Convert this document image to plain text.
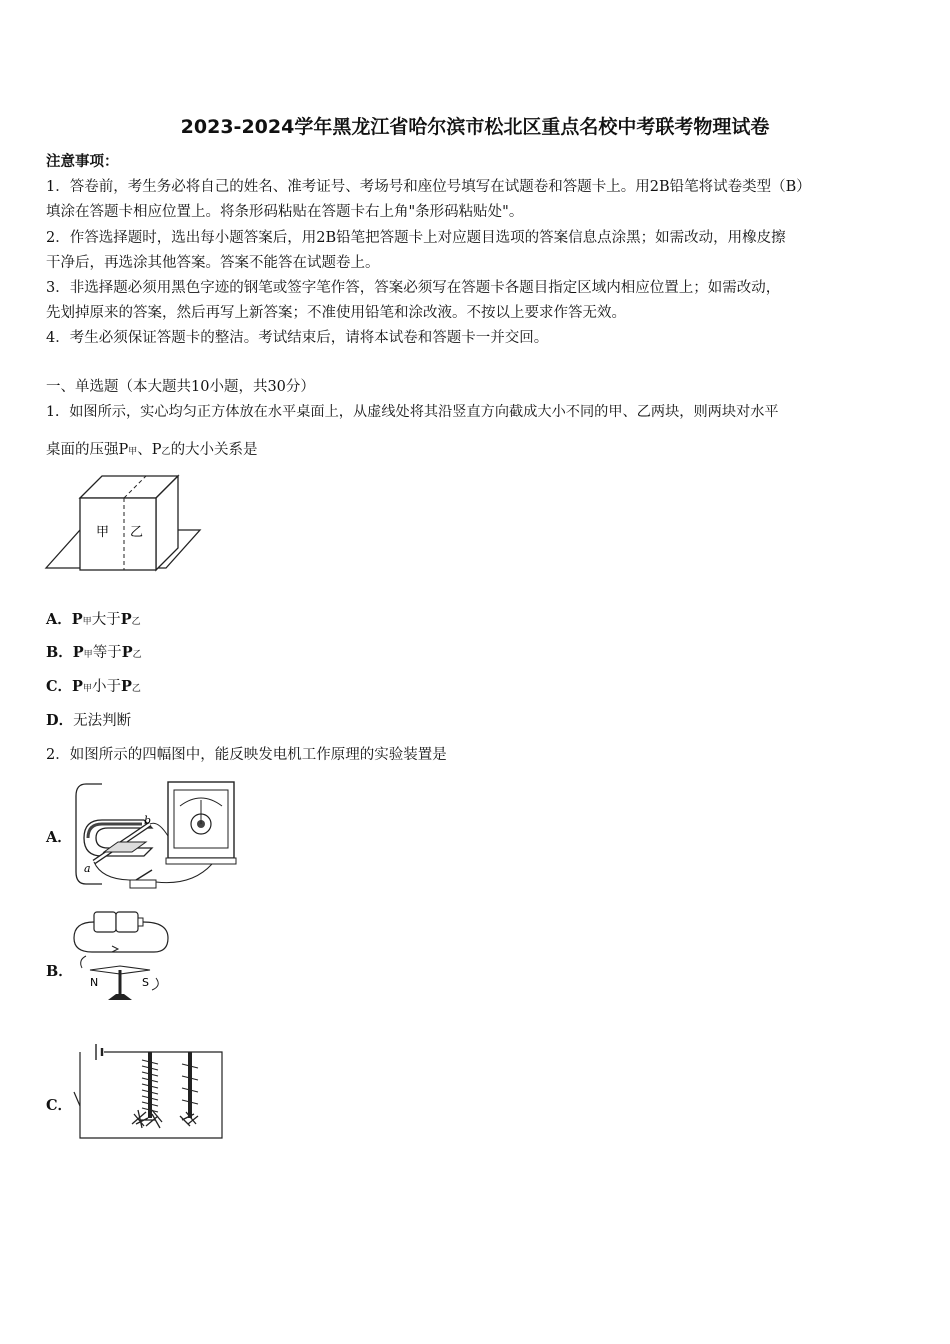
2023-2024学年黑龙江省哈尔滨市松北区重点名校中考联考物理试卷
注意事项：
1．答卷前，考生务必将自己的姓名、准考证号、考场号和座位号填写在试题卷和答题卡上。用2B铅笔将试卷类型（B）
填涂在答题卡相应位置上。将条形码粘贴在答题卡右上角"条形码粘贴处"。
2．作答选择题时，选出每小题答案后，用2B铅笔把答题卡上对应题目选项的答案信息点涂黑；如需改动，用橡皮擦
干净后，再选涂其他答案。答案不能答在试题卷上。
3．非选择题必须用黑色字迹的钢笔或签字笔作答，答案必须写在答题卡各题目指定区域内相应位置上；如需改动，
先划掉原来的答案，然后再写上新答案；不准使用铅笔和涂改液。不按以上要求作答无效。
4．考生必须保证答题卡的整洁。考试结束后，请将本试卷和答题卡一并交回。
一、单选题（本大题共10小题，共30分）
1．如图所示，实心均匀正方体放在水平桌面上，从虚线处将其沿竖直方向截成大小不同的甲、乙两块，则两块对水平
桌面的压强P甲、P乙的大小关系是
甲 乙
A．P甲大于P乙
B．P甲等于P乙
C．P甲小于P乙
D．无法判断
2．如图所示的四幅图中，能反映发电机工作原理的实验装置是
A．
a
b
B．
N	S
C．
